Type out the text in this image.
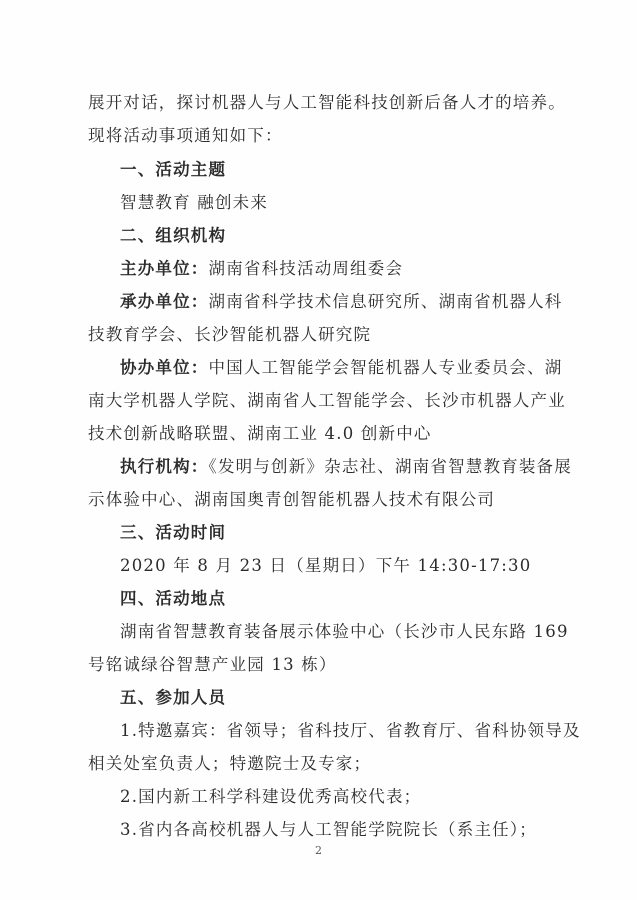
展开对话，探讨机器人与人工智能科技创新后备人才的培养。
现将活动事项通知如下：
一、活动主题
智慧教育 融创未来
二、组织机构
主办单位：湖南省科技活动周组委会
承办单位：湖南省科学技术信息研究所、湖南省机器人科
技教育学会、长沙智能机器人研究院
协办单位：中国人工智能学会智能机器人专业委员会、湖
南大学机器人学院、湖南省人工智能学会、长沙市机器人产业
技术创新战略联盟、湖南工业 4.0 创新中心
执行机构：《发明与创新》杂志社、湖南省智慧教育装备展
示体验中心、湖南国奥青创智能机器人技术有限公司
三、活动时间
2020 年 8 月 23 日（星期日）下午 14:30-17:30
四、活动地点
湖南省智慧教育装备展示体验中心（长沙市人民东路 169
号铭诚绿谷智慧产业园 13 栋）
五、参加人员
1.特邀嘉宾：省领导；省科技厅、省教育厅、省科协领导及
相关处室负责人；特邀院士及专家；
2.国内新工科学科建设优秀高校代表；
3.省内各高校机器人与人工智能学院院长（系主任）；
2
